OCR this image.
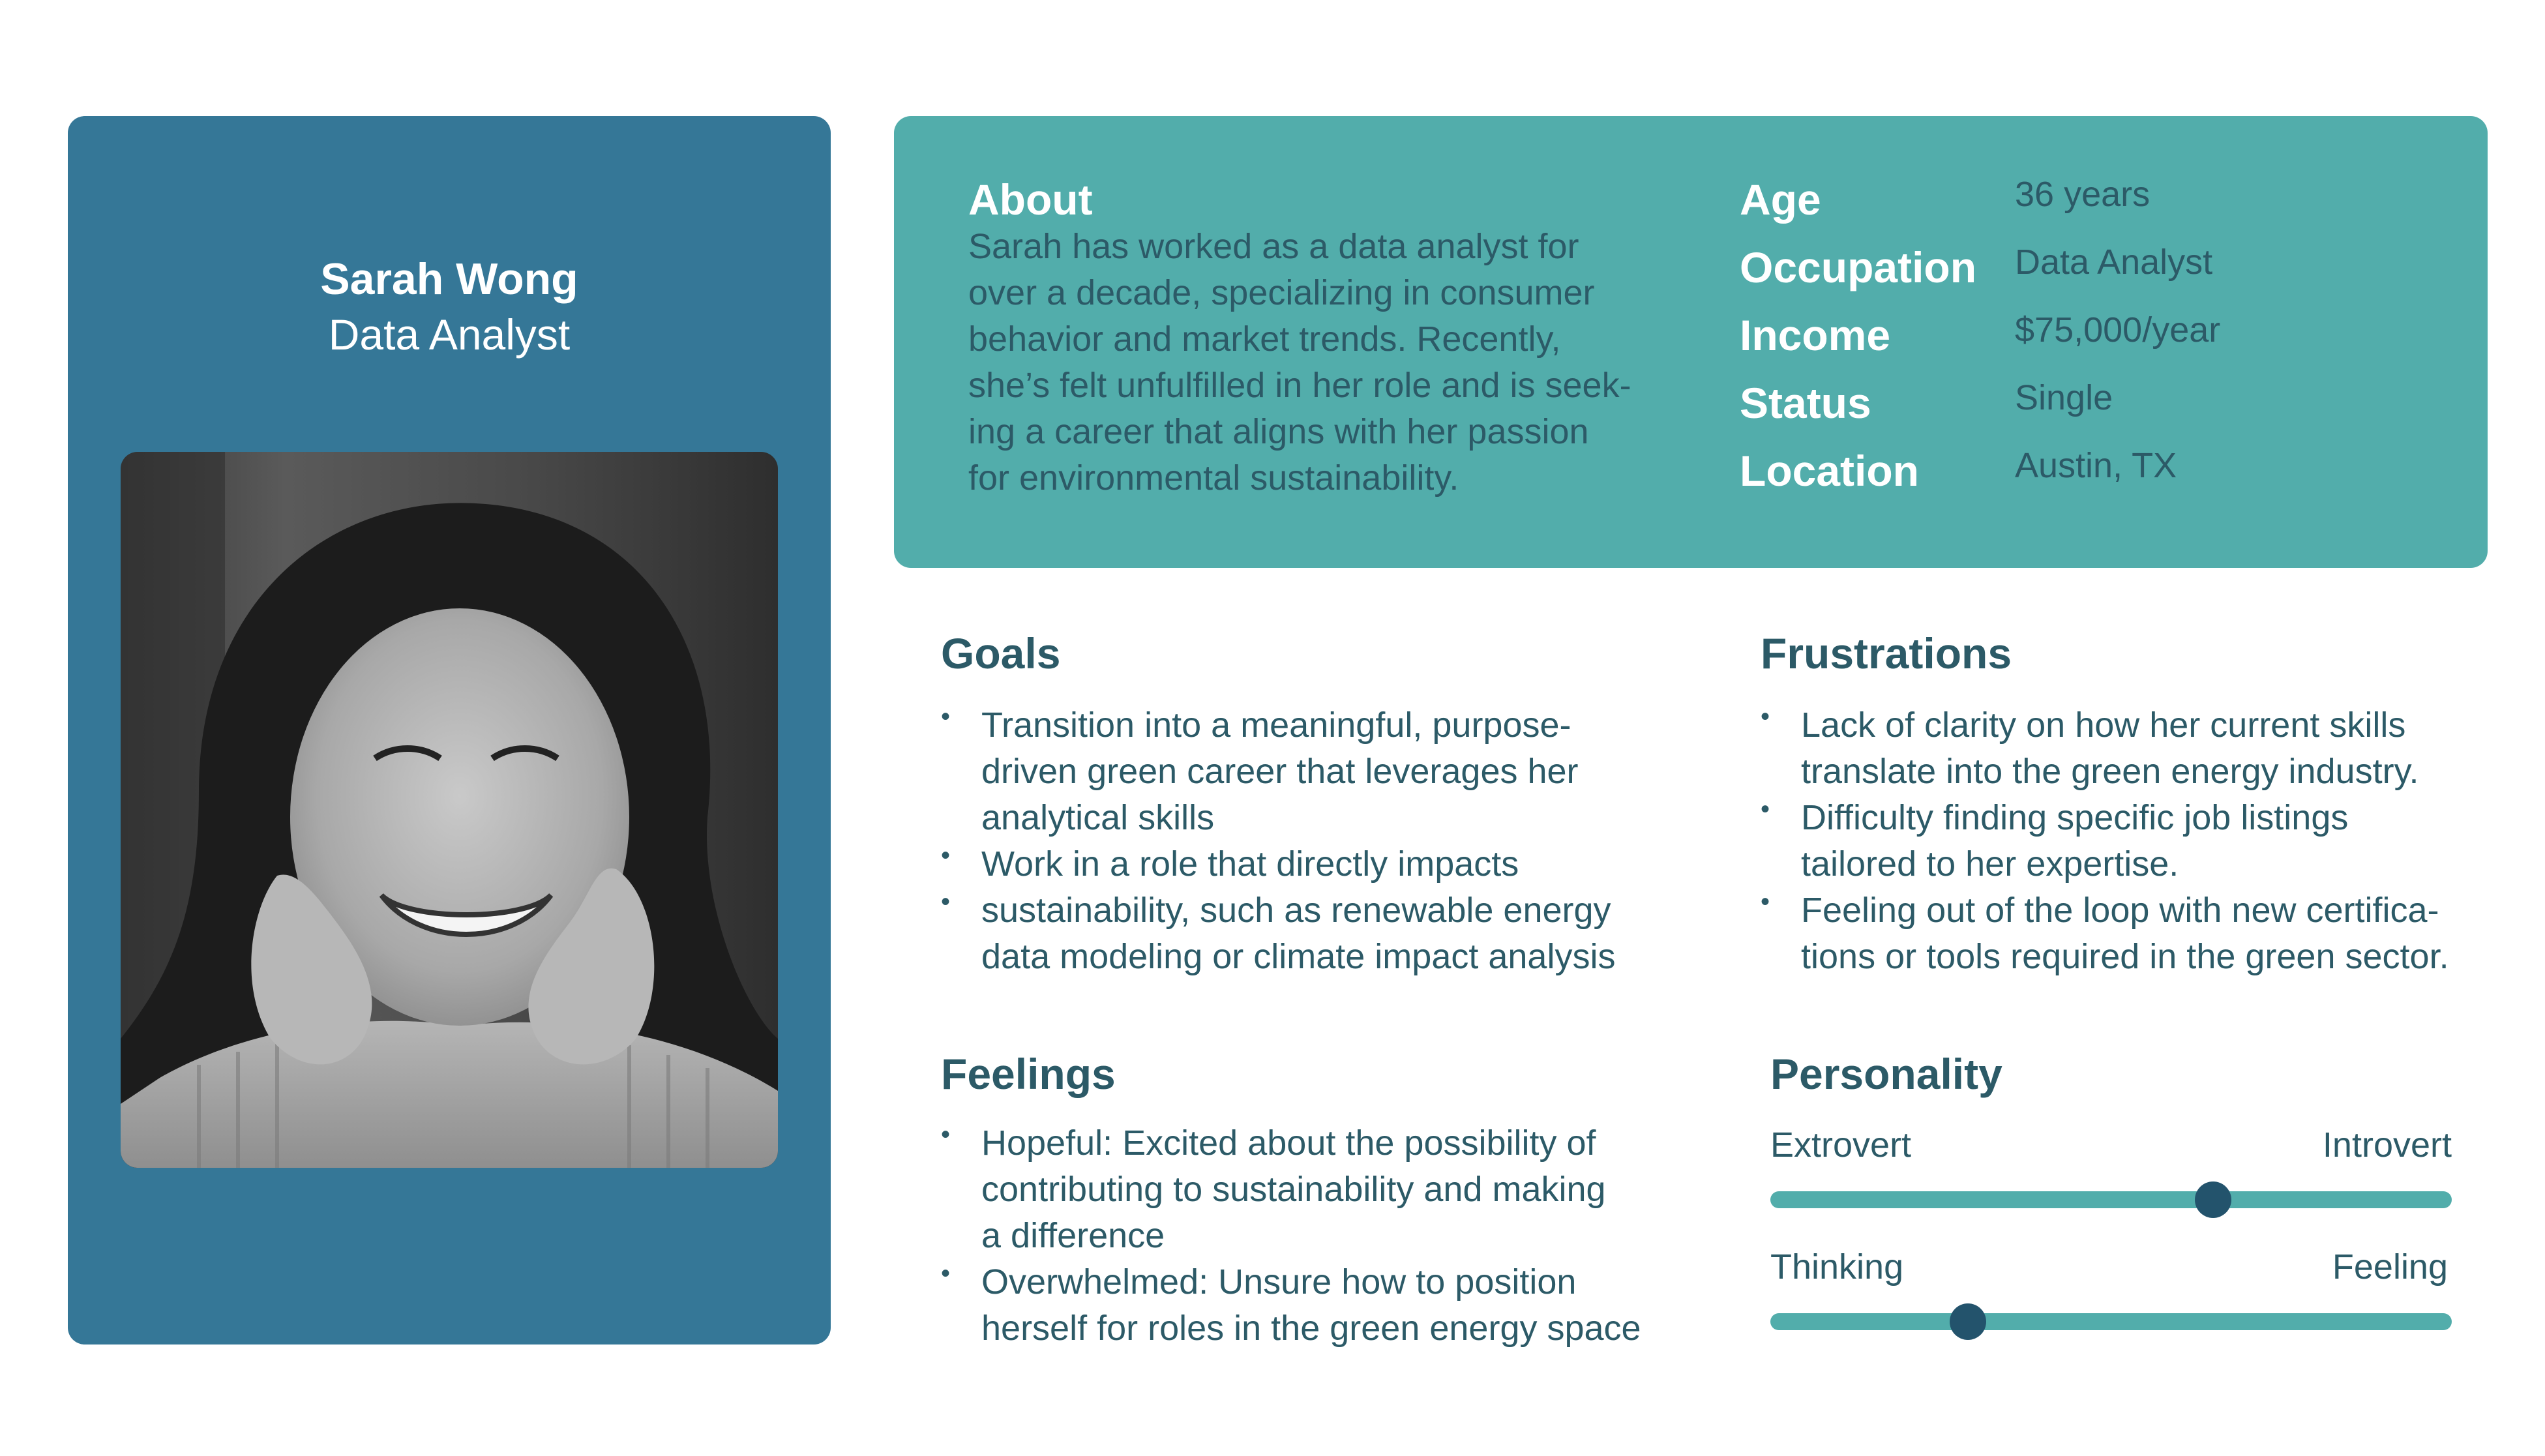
Sarah Wong
Data Analyst
About
Sarah has worked as a data analyst for
over a decade, specializing in consumer
behavior and market trends. Recently,
she’s felt unfulfilled in her role and is seek-
ing a career that aligns with her passion
for environmental sustainability.
Age	36 years
Occupation Data Analyst
Income	$75,000/year
Status	Single
Location	Austin, TX
Goals
• Transition into a meaningful, purpose-
driven green career that leverages her
analytical skills
• Work in a role that directly impacts
• sustainability, such as renewable energy
data modeling or climate impact analysis
Frustrations
• Lack of clarity on how her current skills
translate into the green energy industry.
• Difficulty finding specific job listings
tailored to her expertise.
• Feeling out of the loop with new certifica-
tions or tools required in the green sector.
Feelings
• Hopeful: Excited about the possibility of
contributing to sustainability and making
a difference
• Overwhelmed: Unsure how to position
herself for roles in the green energy space
Personality
Extrovert	Introvert
Thinking	Feeling
